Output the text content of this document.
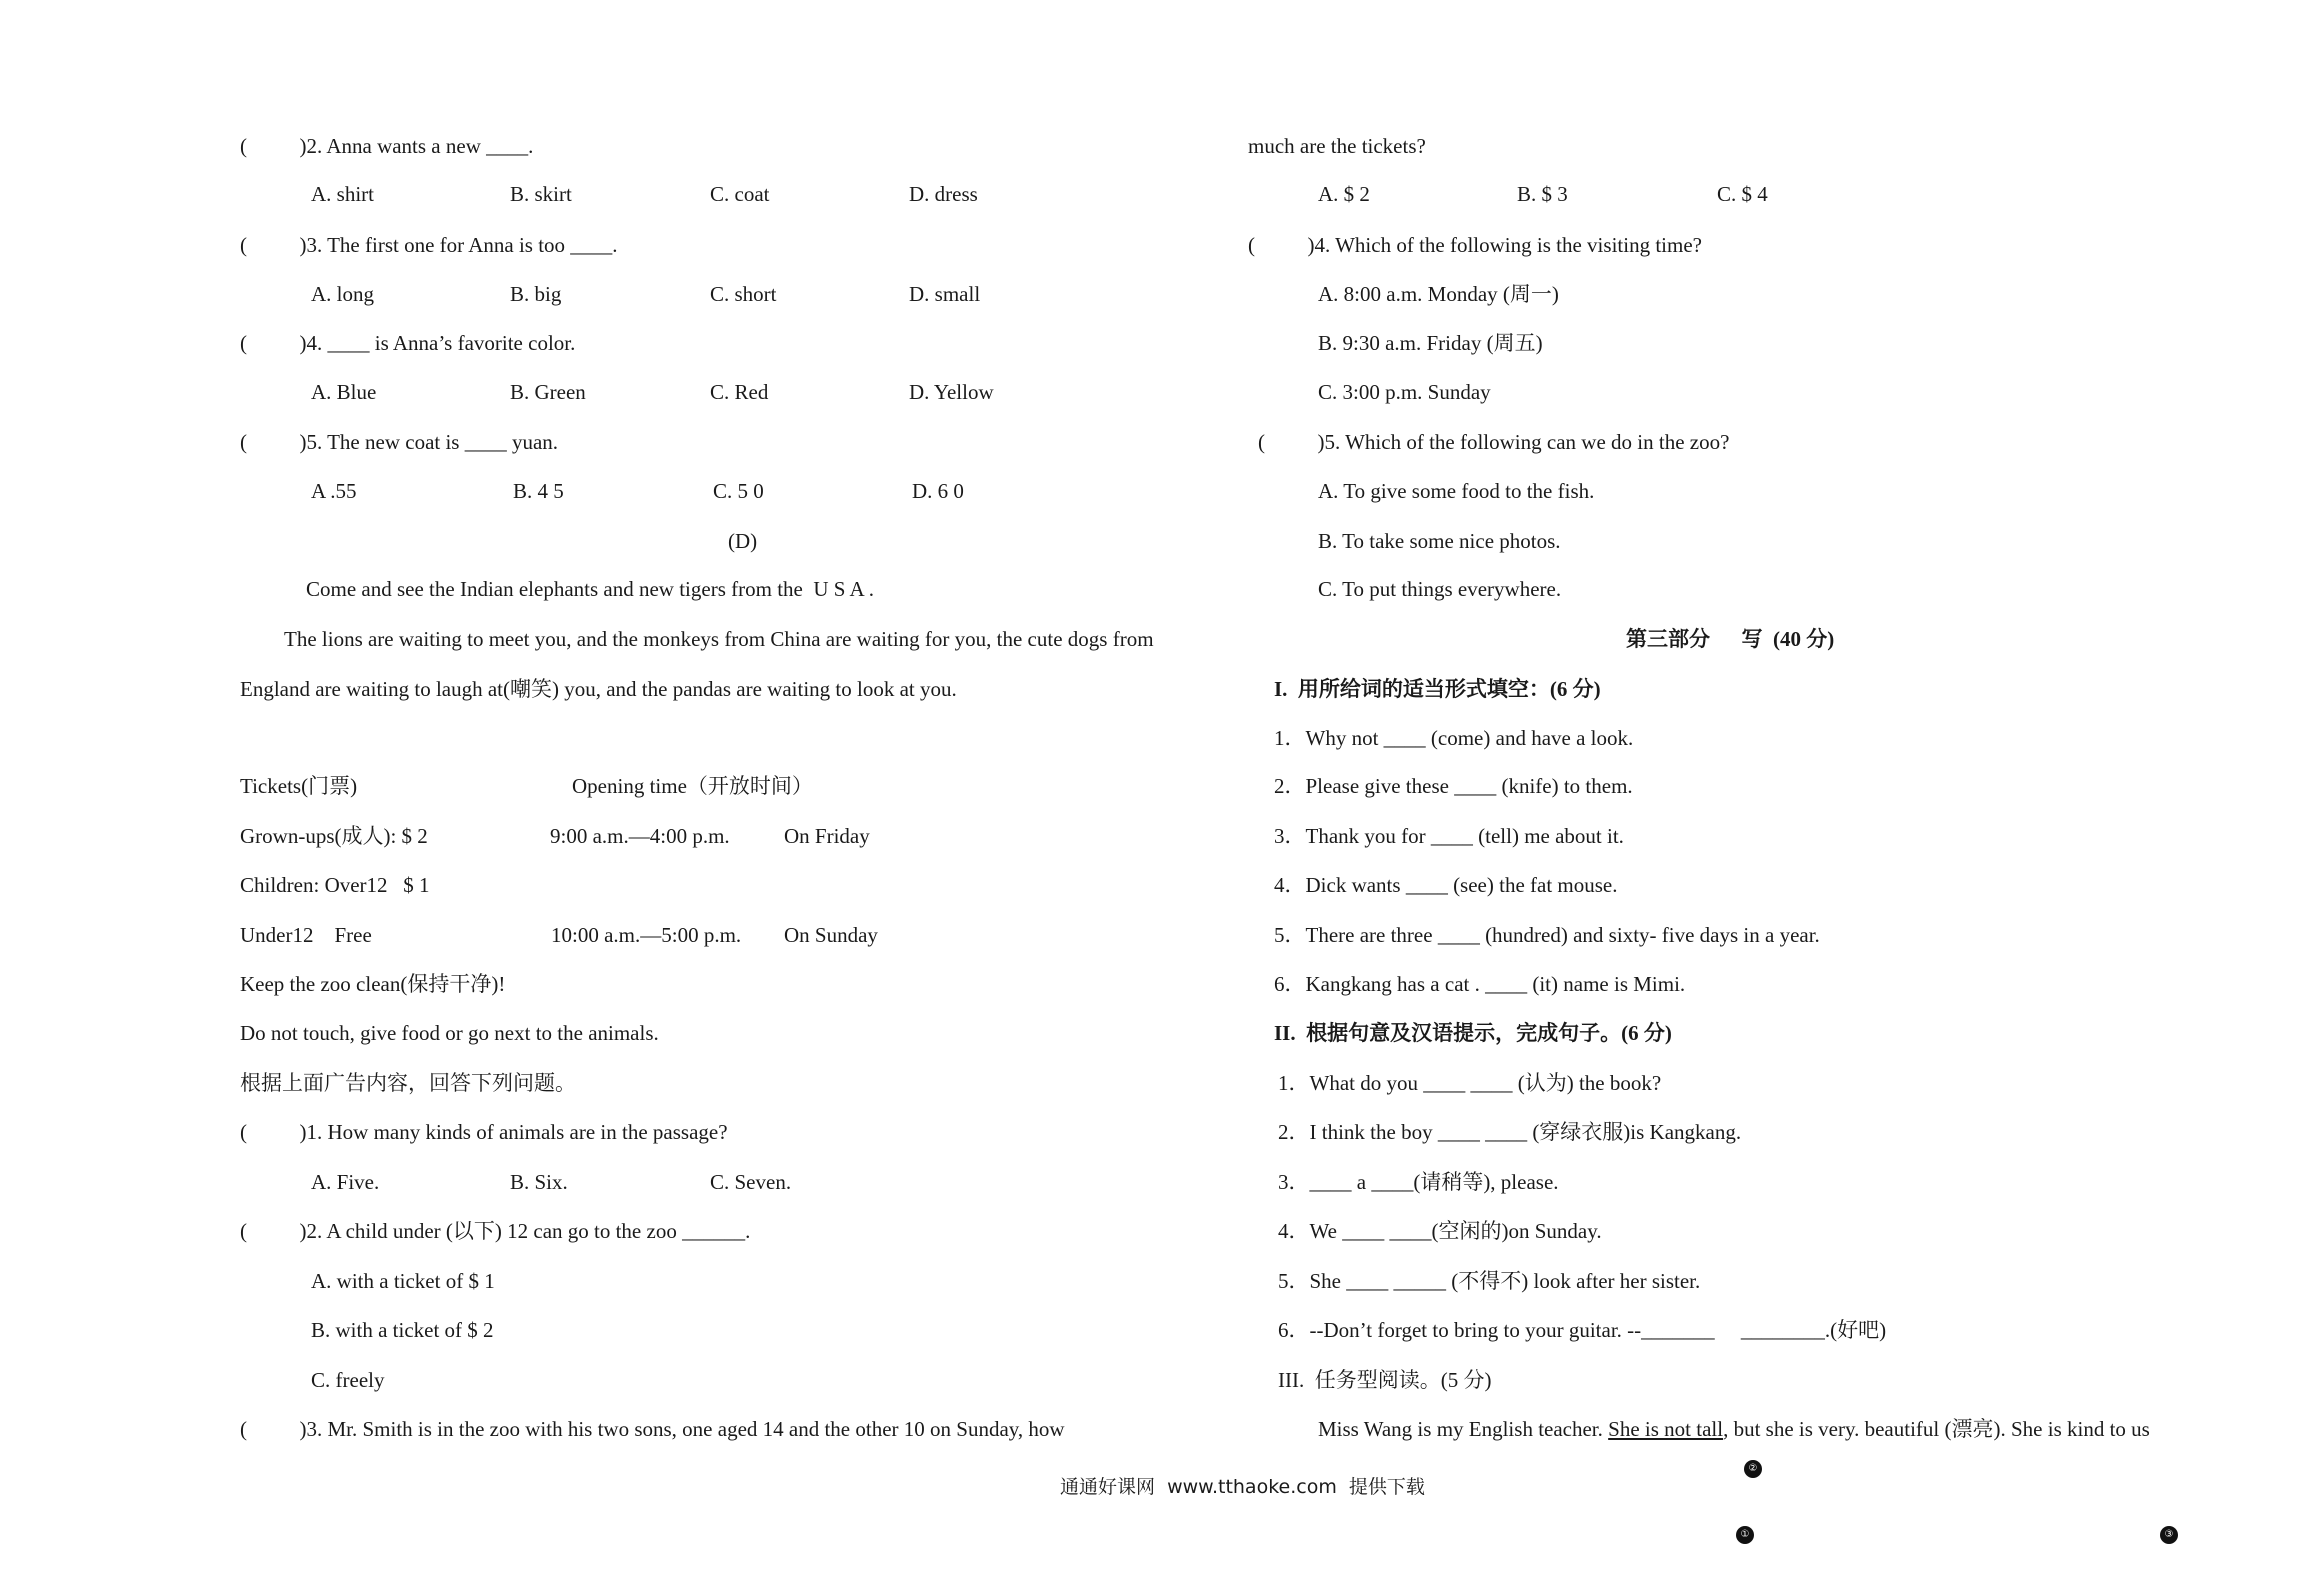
(          )2. Anna wants a new ____.
A. shirt	B. skirt	C. coat	D. dress
(          )3. The first one for Anna is too ____.
A. long	B. big	C. short	D. small
(          )4. ____ is Anna’s favorite color.
A. Blue	B. Green	C. Red	D. Yellow
(          )5. The new coat is ____ yuan.
A .55	B. 4 5	C. 5 0	D. 6 0
(D)
Come and see the Indian elephants and new tigers from the  U S A .
The lions are waiting to meet you, and the monkeys from China are waiting for you, the cute dogs from
England are waiting to laugh at(嘲笑) you, and the pandas are waiting to look at you.
Tickets(门票)	Opening time（开放时间）
Grown-ups(成人): $ 2	9:00 a.m.—4:00 p.m.	On Friday
Children: Over12   $ 1
Under12    Free	10:00 a.m.—5:00 p.m. On Sunday
Keep the zoo clean(保持干净)!
Do not touch, give food or go next to the animals.
根据上面广告内容，回答下列问题。
(          )1. How many kinds of animals are in the passage?
A. Five.	B. Six.	C. Seven.
(          )2. A child under (以下) 12 can go to the zoo ______.
A. with a ticket of $ 1
B. with a ticket of $ 2
C. freely
(          )3. Mr. Smith is in the zoo with his two sons, one aged 14 and the other 10 on Sunday, how
much are the tickets?
A. $ 2	B. $ 3	C. $ 4
(          )4. Which of the following is the visiting time?
A. 8:00 a.m. Monday (周一)
B. 9:30 a.m. Friday (周五)
C. 3:00 p.m. Sunday
(          )5. Which of the following can we do in the zoo?
A. To give some food to the fish.
B. To take some nice photos.
C. To put things everywhere.
第三部分      写  (40 分)
I.  用所给词的适当形式填空：(6 分)
1．Why not ____ (come) and have a look.
2．Please give these ____ (knife) to them.
3．Thank you for ____ (tell) me about it.
4．Dick wants ____ (see) the fat mouse.
5．There are three ____ (hundred) and sixty- five days in a year.
6．Kangkang has a cat . ____ (it) name is Mimi.
II.  根据句意及汉语提示，完成句子。(6 分)
1．What do you ____ ____ (认为) the book?
2．I think the boy ____ ____ (穿绿衣服)is Kangkang.
3．____ a ____(请稍等), please.
4．We ____ ____(空闲的)on Sunday.
5．She ____ _____ (不得不) look after her sister.
6．--Don’t forget to bring to your guitar. --_______     ________.(好吧)
III.  任务型阅读。(5 分)
Miss Wang is my English teacher. She is not tall, but she is very. beautiful (漂亮). She is kind to us
通通好课网  www.tthaoke.com  提供下载
②
①	③
